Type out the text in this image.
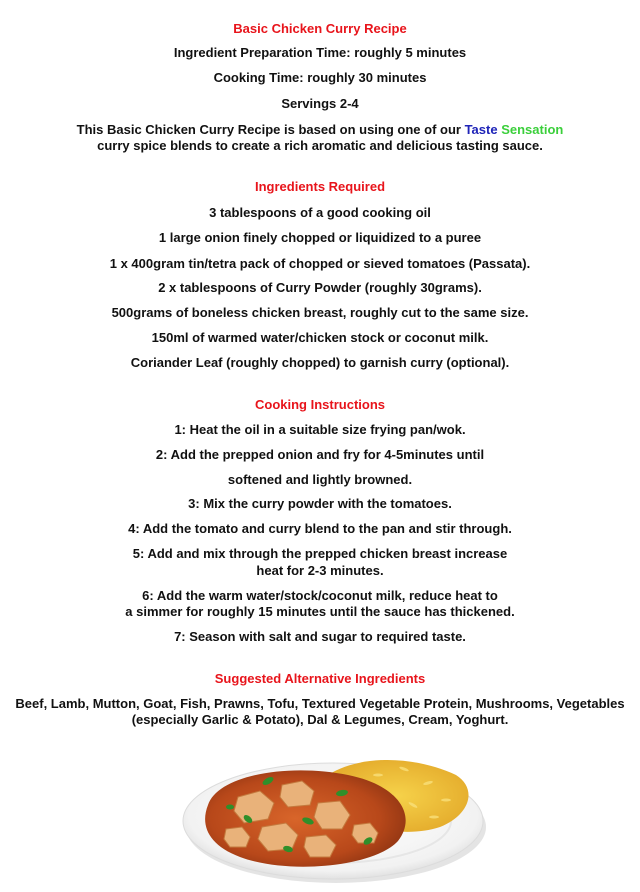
Basic Chicken Curry Recipe
Ingredient Preparation Time: roughly 5 minutes
Cooking Time: roughly 30 minutes
Servings 2-4
This Basic Chicken Curry Recipe is based on using one of our Taste Sensation
curry spice blends to create a rich aromatic and delicious tasting sauce.
Ingredients Required
3 tablespoons of a good cooking oil
1 large onion finely chopped or liquidized to a puree
1 x 400gram tin/tetra pack of chopped or sieved tomatoes (Passata).
2 x tablespoons of Curry Powder (roughly 30grams).
500grams of boneless chicken breast, roughly cut to the same size.
150ml of warmed water/chicken stock or coconut milk.
Coriander Leaf (roughly chopped) to garnish curry (optional).
Cooking Instructions
1: Heat the oil in a suitable size frying pan/wok.
2: Add the prepped onion and fry for 4-5minutes until
softened and lightly browned.
3: Mix the curry powder with the tomatoes.
4: Add the tomato and curry blend to the pan and stir through.
5: Add and mix through the prepped chicken breast increase
heat for 2-3 minutes.
6: Add the warm water/stock/coconut milk, reduce heat to
a simmer for roughly 15 minutes until the sauce has thickened.
7: Season with salt and sugar to required taste.
Suggested Alternative Ingredients
Beef, Lamb, Mutton, Goat, Fish, Prawns, Tofu, Textured Vegetable Protein, Mushrooms, Vegetables
(especially Garlic & Potato), Dal & Legumes, Cream, Yoghurt.
